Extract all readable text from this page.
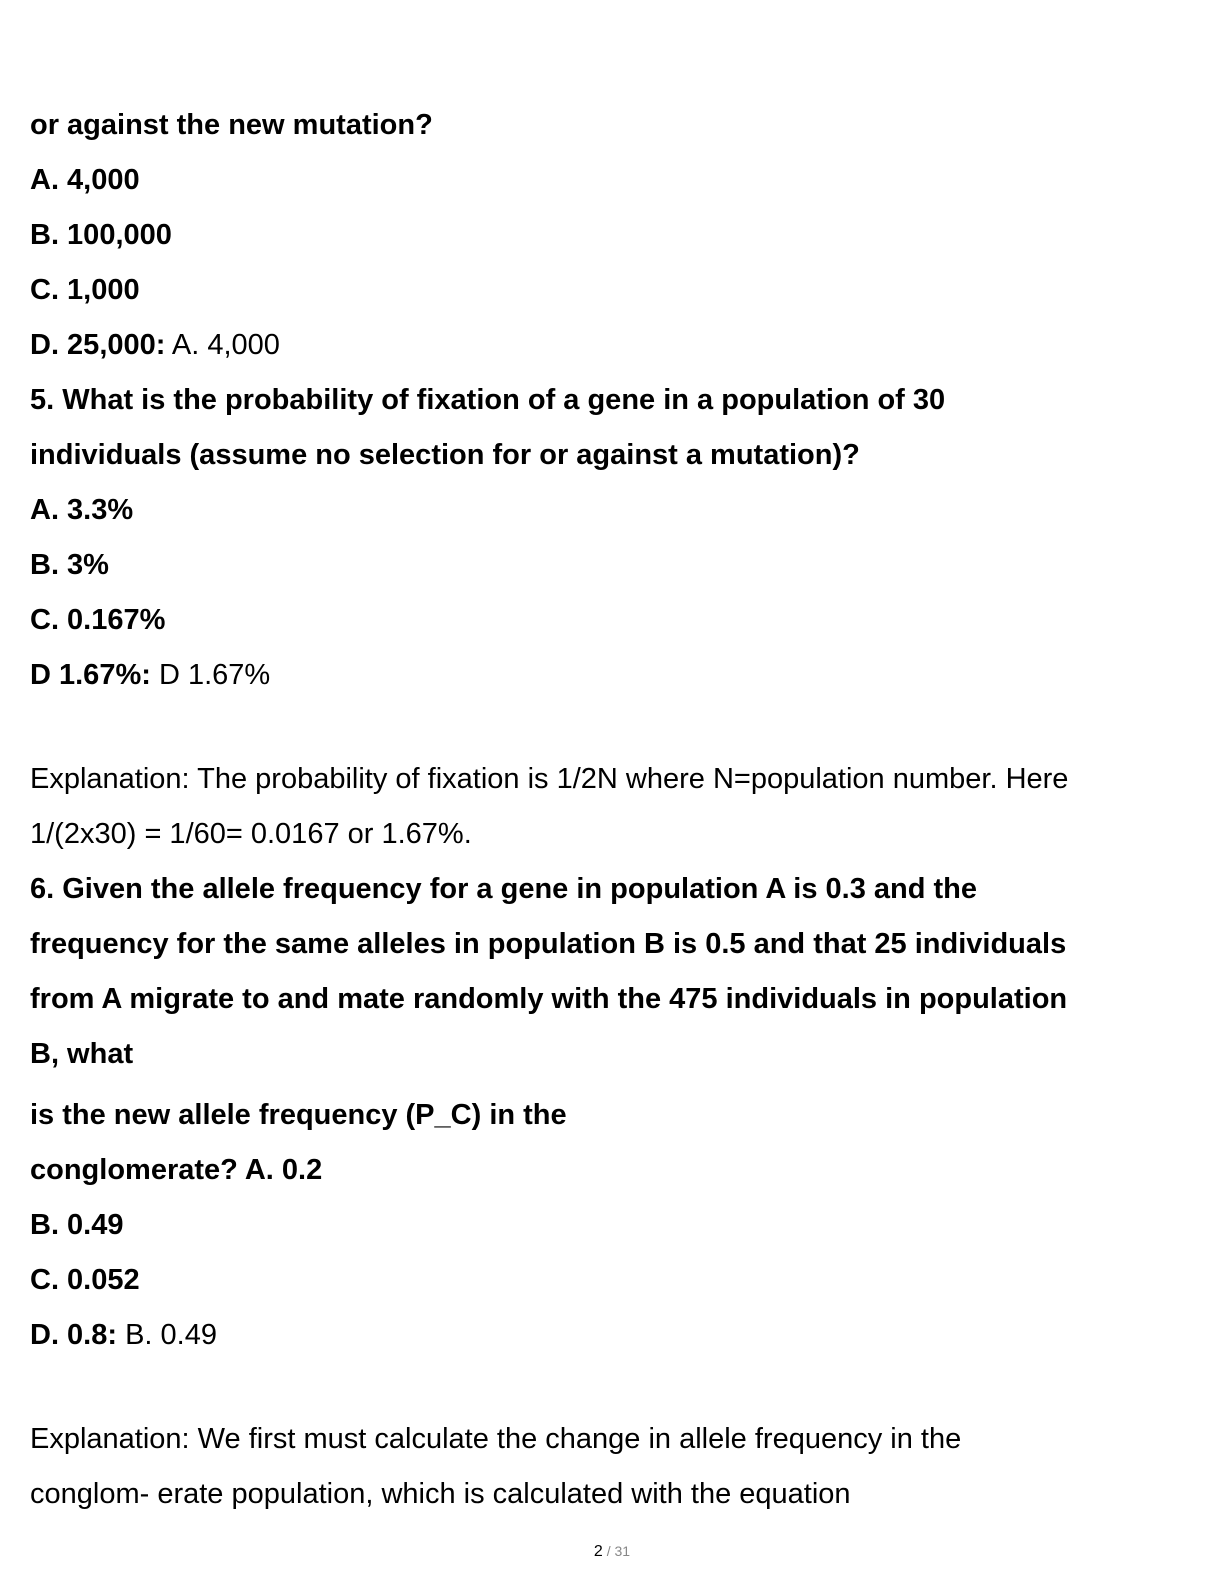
or against the new mutation?
A. 4,000
B. 100,000
C. 1,000
D. 25,000: A. 4,000
5. What is the probability of fixation of a gene in a population of 30
individuals (assume no selection for or against a mutation)?
A. 3.3%
B. 3%
C. 0.167%
D 1.67%: D 1.67%
Explanation: The probability of fixation is 1/2N where N=population number. Here
1/(2x30) = 1/60= 0.0167 or 1.67%.
6. Given the allele frequency for a gene in population A is 0.3 and the
frequency for the same alleles in population B is 0.5 and that 25 individuals
from A migrate to and mate randomly with the 475 individuals in population
B, what
is the new allele frequency (P_C) in the
conglomerate? A. 0.2
B. 0.49
C. 0.052
D. 0.8: B. 0.49
Explanation: We first must calculate the change in allele frequency in the
conglom- erate population, which is calculated with the equation
2 / 31
